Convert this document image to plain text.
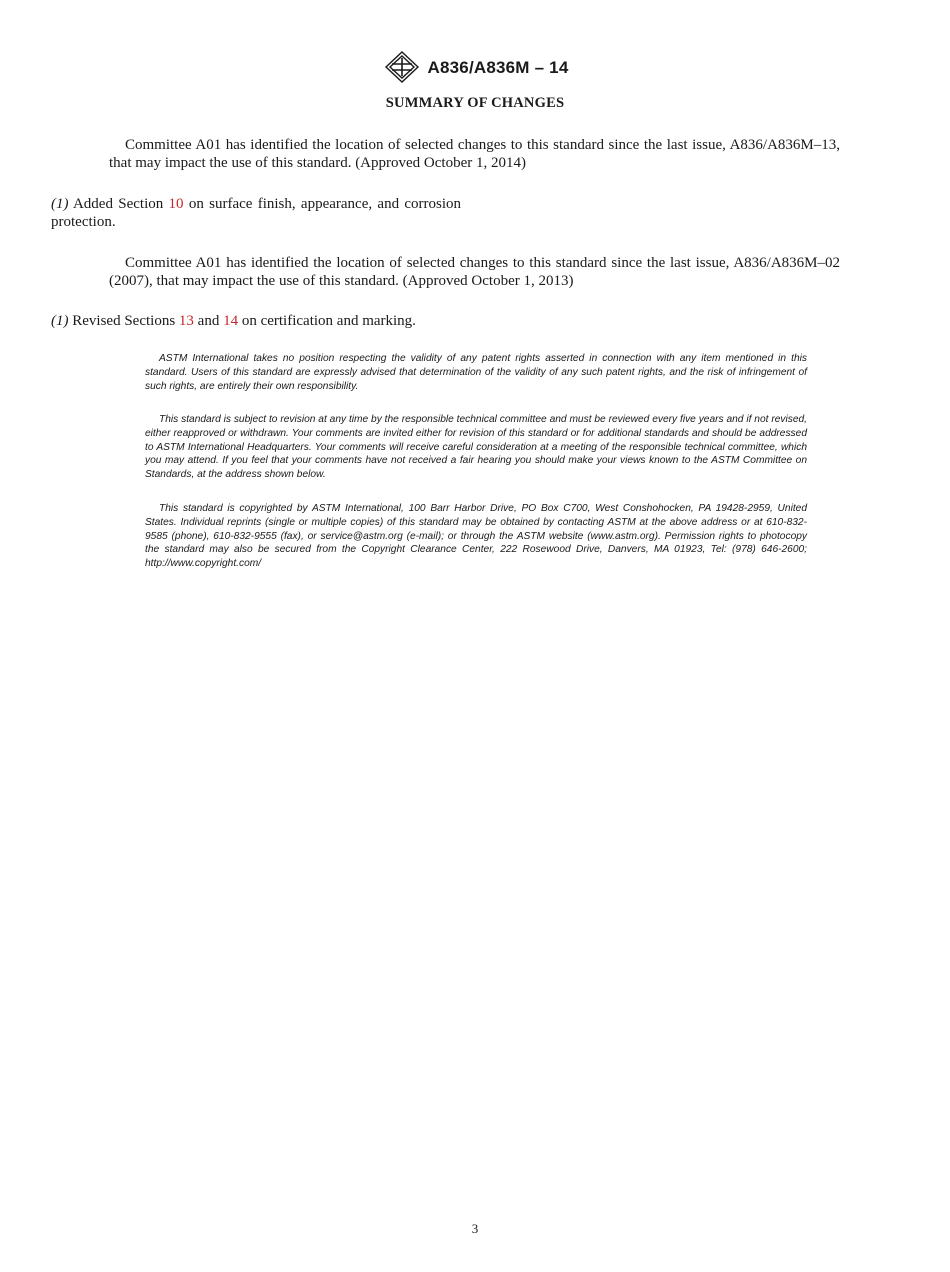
A836/A836M – 14
SUMMARY OF CHANGES
Committee A01 has identified the location of selected changes to this standard since the last issue, A836/A836M–13, that may impact the use of this standard. (Approved October 1, 2014)
(1) Added Section 10 on surface finish, appearance, and corrosion protection.
Committee A01 has identified the location of selected changes to this standard since the last issue, A836/A836M–02 (2007), that may impact the use of this standard. (Approved October 1, 2013)
(1) Revised Sections 13 and 14 on certification and marking.
ASTM International takes no position respecting the validity of any patent rights asserted in connection with any item mentioned in this standard. Users of this standard are expressly advised that determination of the validity of any such patent rights, and the risk of infringement of such rights, are entirely their own responsibility.
This standard is subject to revision at any time by the responsible technical committee and must be reviewed every five years and if not revised, either reapproved or withdrawn. Your comments are invited either for revision of this standard or for additional standards and should be addressed to ASTM International Headquarters. Your comments will receive careful consideration at a meeting of the responsible technical committee, which you may attend. If you feel that your comments have not received a fair hearing you should make your views known to the ASTM Committee on Standards, at the address shown below.
This standard is copyrighted by ASTM International, 100 Barr Harbor Drive, PO Box C700, West Conshohocken, PA 19428-2959, United States. Individual reprints (single or multiple copies) of this standard may be obtained by contacting ASTM at the above address or at 610-832-9585 (phone), 610-832-9555 (fax), or service@astm.org (e-mail); or through the ASTM website (www.astm.org). Permission rights to photocopy the standard may also be secured from the Copyright Clearance Center, 222 Rosewood Drive, Danvers, MA 01923, Tel: (978) 646-2600; http://www.copyright.com/
3
